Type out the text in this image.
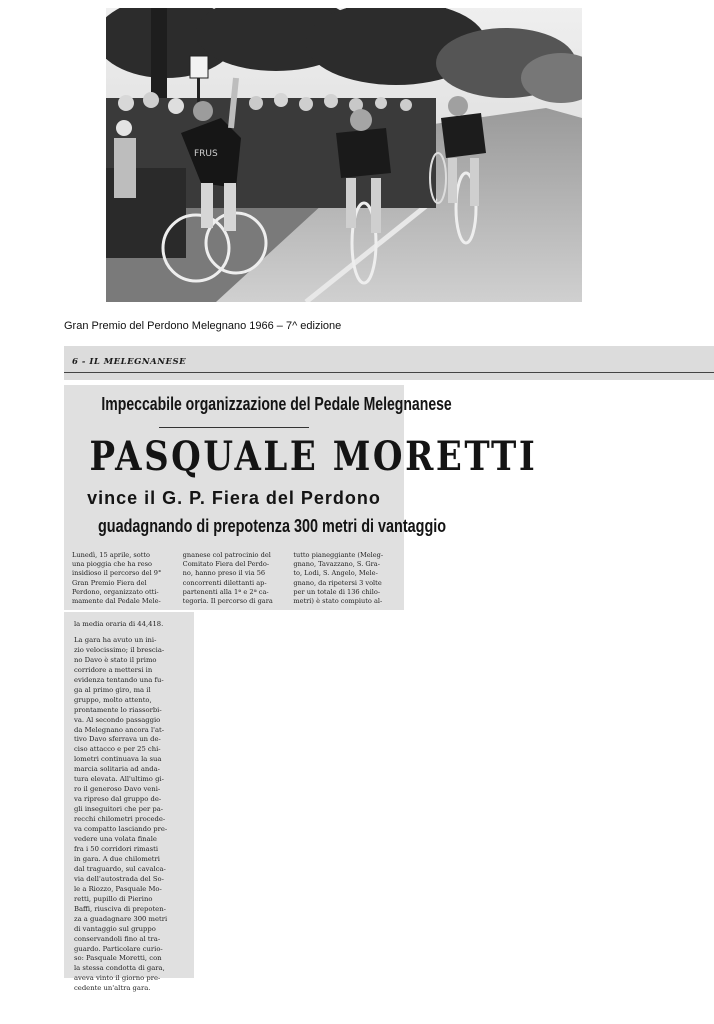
FRUS
Gran Premio del Perdono Melegnano 1966 – 7^ edizione
6 - IL MELEGNANESE
Impeccabile organizzazione del Pedale Melegnanese
PASQUALE MORETTI
vince il G. P. Fiera del Perdono
guadagnando di prepotenza 300 metri di vantaggio
Lunedì, 15 aprile, sotto
una pioggia che ha reso
insidioso il percorso del 9°
Gran Premio Fiera del
Perdono, organizzato otti-
mamente dal Pedale Mele-
gnanese col patrocinio del
Comitato Fiera del Perdo-
no, hanno preso il via 56
concorrenti dilettanti ap-
partenenti alla 1ª e 2ª ca-
tegoria. Il percorso di gara
tutto pianeggiante (Meleg-
gnano, Tavazzano, S. Gra-
to, Lodi, S. Angelo, Mele-
gnano, da ripetersi 3 volte
per un totale di 136 chilo-
metri) è stato compiuto al-
la media oraria di 44,418.
La gara ha avuto un ini-
zio velocissimo; il brescia-
no Davo è stato il primo
corridore a mettersi in
evidenza tentando una fu-
ga al primo giro, ma il
gruppo, molto attento,
prontamente lo riassorbi-
va. Al secondo passaggio
da Melegnano ancora l'at-
tivo Davo sferrava un de-
ciso attacco e per 25 chi-
lometri continuava la sua
marcia solitaria ad anda-
tura elevata. All'ultimo gi-
ro il generoso Davo veni-
va ripreso dal gruppo de-
gli inseguitori che per pa-
recchi chilometri procede-
va compatto lasciando pre-
vedere una volata finale
fra i 50 corridori rimasti
in gara. A due chilometri
dal traguardo, sul cavalca-
via dell'autostrada del So-
le a Riozzo, Pasquale Mo-
retti, pupillo di Pierino
Baffi, riusciva di prepoten-
za a guadagnare 300 metri
di vantaggio sul gruppo
conservandoli fino al tra-
guardo. Particolare curio-
so: Pasquale Moretti, con
la stessa condotta di gara,
aveva vinto il giorno pre-
cedente un'altra gara.
